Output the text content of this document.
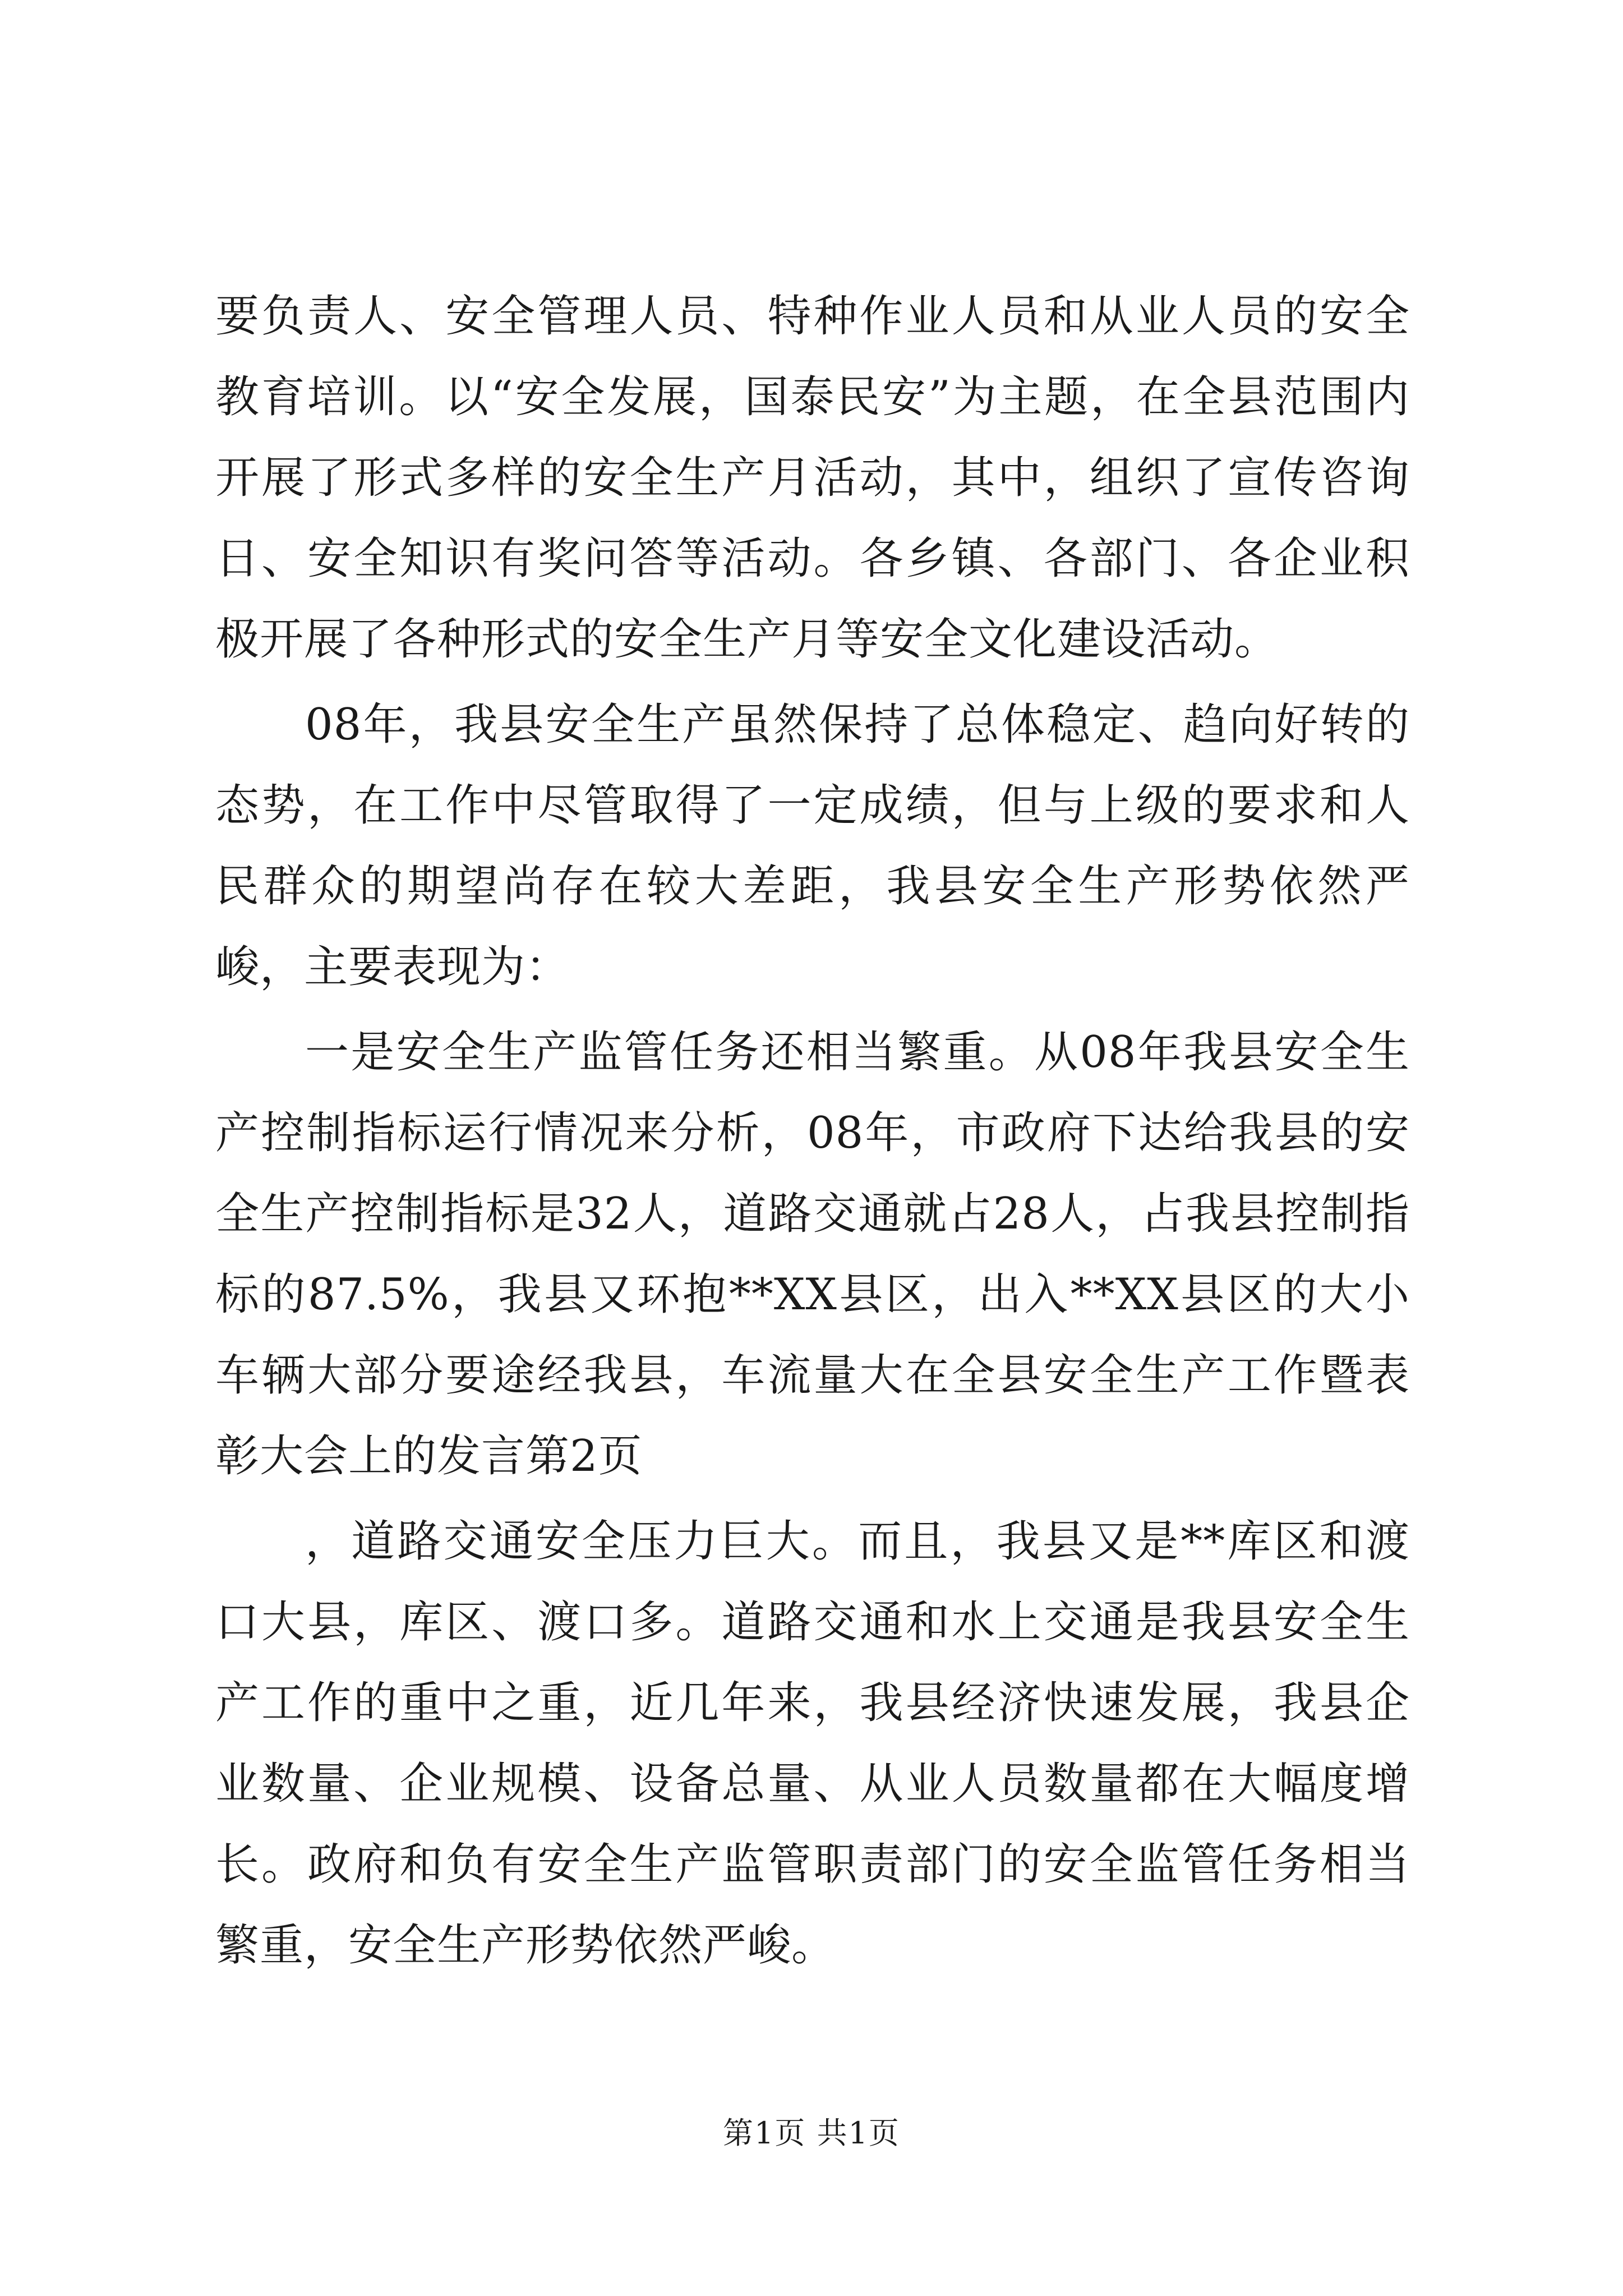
要负责人、安全管理人员、特种作业人员和从业人员的安全教育培训。以“安全发展，国泰民安”为主题，在全县范围内开展了形式多样的安全生产月活动，其中，组织了宣传咨询日、安全知识有奖问答等活动。各乡镇、各部门、各企业积极开展了各种形式的安全生产月等安全文化建设活动。

08年，我县安全生产虽然保持了总体稳定、趋向好转的态势，在工作中尽管取得了一定成绩，但与上级的要求和人民群众的期望尚存在较大差距，我县安全生产形势依然严峻，主要表现为：

一是安全生产监管任务还相当繁重。从08年我县安全生产控制指标运行情况来分析，08年，市政府下达给我县的安全生产控制指标是32人，道路交通就占28人，占我县控制指标的87.5%，我县又环抱**XX县区，出入**XX县区的大小车辆大部分要途经我县，车流量大在全县安全生产工作暨表彰大会上的发言第2页

，道路交通安全压力巨大。而且，我县又是**库区和渡口大县，库区、渡口多。道路交通和水上交通是我县安全生产工作的重中之重，近几年来，我县经济快速发展，我县企业数量、企业规模、设备总量、从业人员数量都在大幅度增长。政府和负有安全生产监管职责部门的安全监管任务相当繁重，安全生产形势依然严峻。

第1页 共1页
